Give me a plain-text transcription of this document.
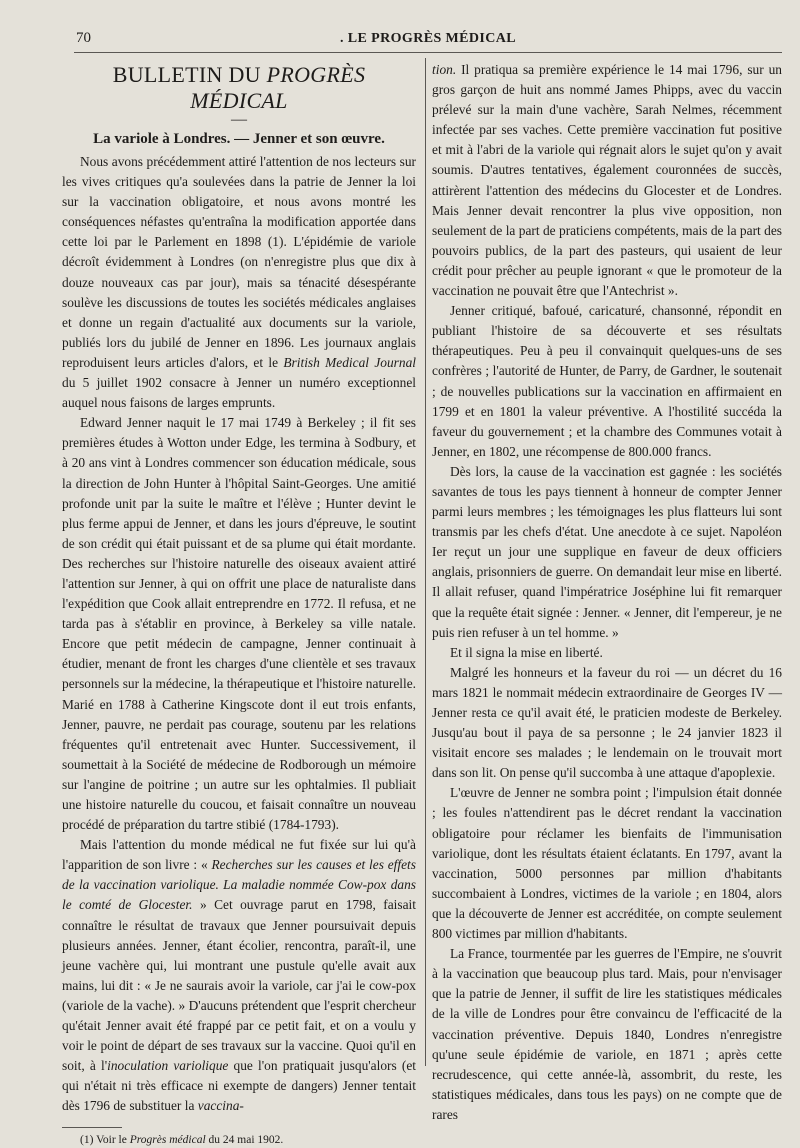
70	. LE PROGRÈS MÉDICAL
BULLETIN DU PROGRÈS MÉDICAL
—
La variole à Londres. — Jenner et son œuvre.

Nous avons précédemment attiré l'attention de nos lecteurs sur les vives critiques qu'a soulevées dans la patrie de Jenner la loi sur la vaccination obligatoire, et nous avons montré les conséquences néfastes qu'entraîna la modification apportée dans cette loi par le Parlement en 1898 (1). L'épidémie de variole décroît évidemment à Londres (on n'enregistre plus que dix à douze nouveaux cas par jour), mais sa ténacité désespérante soulève les discussions de toutes les sociétés médicales anglaises et donne un regain d'actualité aux documents sur la variole, publiés lors du jubilé de Jenner en 1896. Les journaux anglais reproduisent leurs articles d'alors, et le British Medical Journal du 5 juillet 1902 consacre à Jenner un numéro exceptionnel auquel nous faisons de larges emprunts.

Edward Jenner naquit le 17 mai 1749 à Berkeley ; il fit ses premières études à Wotton under Edge, les termina à Sodbury, et à 20 ans vint à Londres commencer son éducation médicale, sous la direction de John Hunter à l'hôpital Saint-Georges. Une amitié profonde unit par la suite le maître et l'élève ; Hunter devint le plus ferme appui de Jenner, et dans les jours d'épreuve, le soutint de son crédit qui était puissant et de sa plume qui était mordante. Des recherches sur l'histoire naturelle des oiseaux avaient attiré l'attention sur Jenner, à qui on offrit une place de naturaliste dans l'expédition que Cook allait entreprendre en 1772. Il refusa, et ne tarda pas à s'établir en province, à Berkeley sa ville natale. Encore que petit médecin de campagne, Jenner continuait à étudier, menant de front les charges d'une clientèle et ses travaux personnels sur la médecine, la thérapeutique et l'histoire naturelle. Marié en 1788 à Catherine Kingscote dont il eut trois enfants, Jenner, pauvre, ne perdait pas courage, soutenu par les relations fréquentes qu'il entretenait avec Hunter. Successivement, il soumettait à la Société de médecine de Rodborough un mémoire sur l'angine de poitrine ; un autre sur les ophtalmies. Il publiait une histoire naturelle du coucou, et faisait connaître un nouveau procédé de préparation du tartre stibié (1784-1793).

Mais l'attention du monde médical ne fut fixée sur lui qu'à l'apparition de son livre : « Recherches sur les causes et les effets de la vaccination variolique. La maladie nommée Cow-pox dans le comté de Glocester. » Cet ouvrage parut en 1798, faisait connaître le résultat de travaux que Jenner poursuivait depuis plusieurs années. Jenner, étant écolier, rencontra, paraît-il, une jeune vachère qui, lui montrant une pustule qu'elle avait aux mains, lui dit : « Je ne saurais avoir la variole, car j'ai le cow-pox (variole de la vache). » D'aucuns prétendent que l'esprit chercheur qu'était Jenner avait été frappé par ce petit fait, et on a voulu y voir le point de départ de ses travaux sur la vaccine. Quoi qu'il en soit, à l'inoculation variolique que l'on pratiquait jusqu'alors (et qui n'était ni très efficace ni exempte de dangers) Jenner tentait dès 1796 de substituer la vaccina-

(1) Voir le Progrès médical du 24 mai 1902.

tion. Il pratiqua sa première expérience le 14 mai 1796, sur un gros garçon de huit ans nommé James Phipps, avec du vaccin prélevé sur la main d'une vachère, Sarah Nelmes, récemment infectée par ses vaches. Cette première vaccination fut positive et mit à l'abri de la variole qui régnait alors le sujet qu'on y avait soumis. D'autres tentatives, également couronnées de succès, attirèrent l'attention des médecins du Glocester et de Londres. Mais Jenner devait rencontrer la plus vive opposition, non seulement de la part de praticiens compétents, mais de la part des pouvoirs publics, de la part des pasteurs, qui usaient de leur crédit pour prêcher au peuple ignorant « que le promoteur de la vaccination ne pouvait être que l'Antechrist ».

Jenner critiqué, bafoué, caricaturé, chansonné, répondit en publiant l'histoire de sa découverte et ses résultats thérapeutiques. Peu à peu il convainquit quelques-uns de ses confrères ; l'autorité de Hunter, de Parry, de Gardner, le soutenait ; de nouvelles publications sur la vaccination en affirmaient en 1799 et en 1801 la valeur préventive. A l'hostilité succéda la faveur du gouvernement ; et la chambre des Communes votait à Jenner, en 1802, une récompense de 800.000 francs.

Dès lors, la cause de la vaccination est gagnée : les sociétés savantes de tous les pays tiennent à honneur de compter Jenner parmi leurs membres ; les témoignages les plus flatteurs lui sont transmis par les chefs d'état. Une anecdote à ce sujet. Napoléon Ier reçut un jour une supplique en faveur de deux officiers anglais, prisonniers de guerre. On demandait leur mise en liberté. Il allait refuser, quand l'impératrice Joséphine lui fit remarquer que la requête était signée : Jenner. « Jenner, dit l'empereur, je ne puis rien refuser à un tel homme. »

Et il signa la mise en liberté.

Malgré les honneurs et la faveur du roi — un décret du 16 mars 1821 le nommait médecin extraordinaire de Georges IV — Jenner resta ce qu'il avait été, le praticien modeste de Berkeley. Jusqu'au bout il paya de sa personne ; le 24 janvier 1823 il visitait encore ses malades ; le lendemain on le trouvait mort dans son lit. On pense qu'il succomba à une attaque d'apoplexie.

L'œuvre de Jenner ne sombra point ; l'impulsion était donnée ; les foules n'attendirent pas le décret rendant la vaccination obligatoire pour réclamer les bienfaits de l'immunisation variolique, dont les résultats étaient éclatants. En 1797, avant la vaccination, 5000 personnes par million d'habitants succombaient à Londres, victimes de la variole ; en 1804, alors que la découverte de Jenner est accréditée, on compte seulement 800 victimes par million d'habitants.

La France, tourmentée par les guerres de l'Empire, ne s'ouvrit à la vaccination que beaucoup plus tard. Mais, pour n'envisager que la patrie de Jenner, il suffit de lire les statistiques médicales de la ville de Londres pour être convaincu de l'efficacité de la vaccination préventive. Depuis 1840, Londres n'enregistre qu'une seule épidémie de variole, en 1871 ; après cette recrudescence, qui cette année-là, assombrit, du reste, les statistiques médicales, dans tous les pays) on ne compte que de rares
